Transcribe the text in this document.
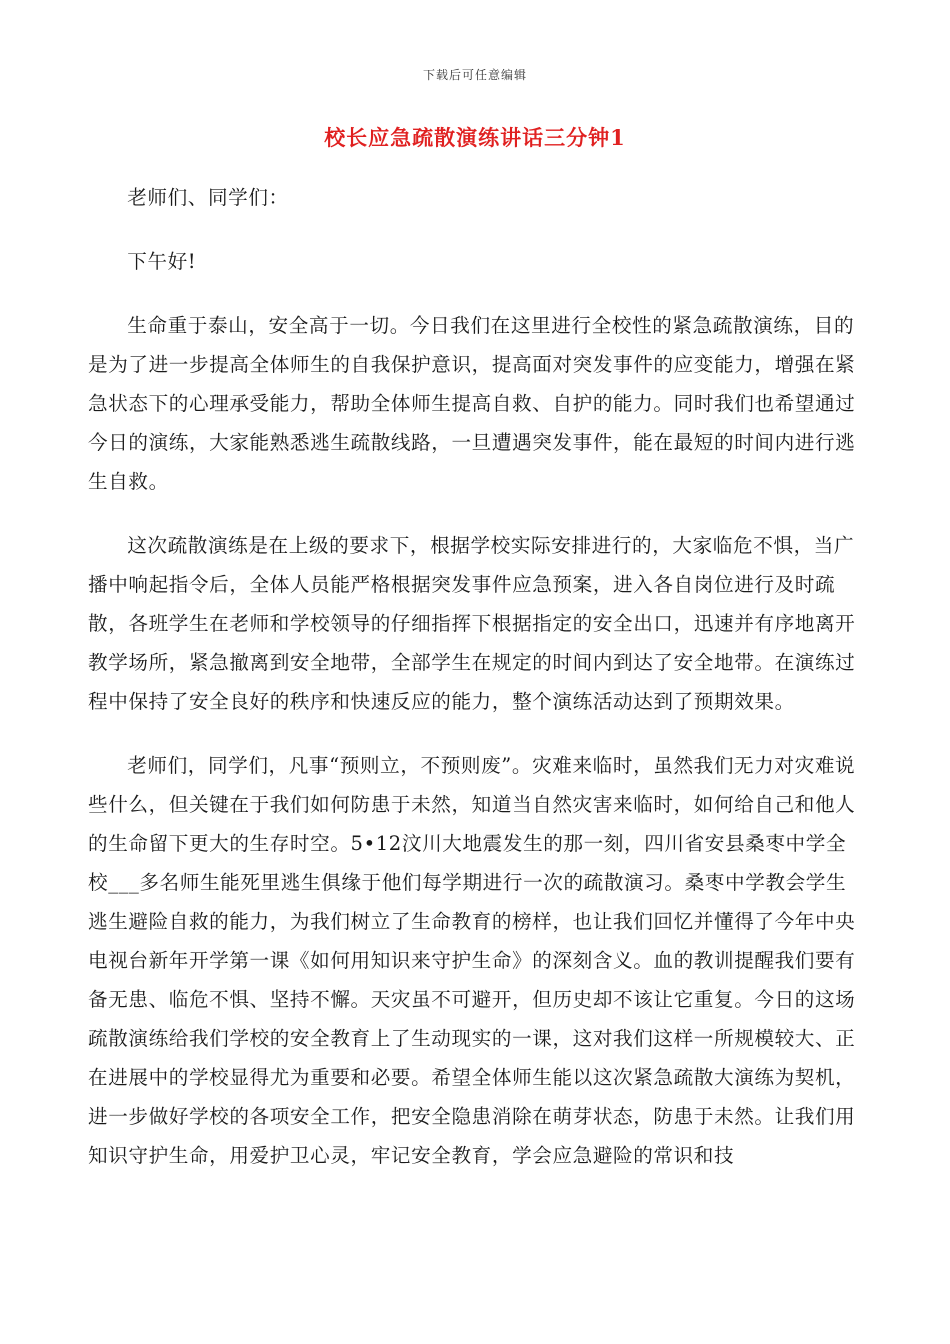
下载后可任意编辑
校长应急疏散演练讲话三分钟1

老师们、同学们：

下午好!

生命重于泰山，安全高于一切。今日我们在这里进行全校性的紧急疏散演练，目的是为了进一步提高全体师生的自我保护意识，提高面对突发事件的应变能力，增强在紧急状态下的心理承受能力，帮助全体师生提高自救、自护的能力。同时我们也希望通过今日的演练，大家能熟悉逃生疏散线路，一旦遭遇突发事件，能在最短的时间内进行逃生自救。

这次疏散演练是在上级的要求下，根据学校实际安排进行的，大家临危不惧，当广播中响起指令后，全体人员能严格根据突发事件应急预案，进入各自岗位进行及时疏散，各班学生在老师和学校领导的仔细指挥下根据指定的安全出口，迅速并有序地离开教学场所，紧急撤离到安全地带，全部学生在规定的时间内到达了安全地带。在演练过程中保持了安全良好的秩序和快速反应的能力，整个演练活动达到了预期效果。

老师们，同学们，凡事“预则立，不预则废”。灾难来临时，虽然我们无力对灾难说些什么，但关键在于我们如何防患于未然，知道当自然灾害来临时，如何给自己和他人的生命留下更大的生存时空。5•12汶川大地震发生的那一刻，四川省安县桑枣中学全校___多名师生能死里逃生俱缘于他们每学期进行一次的疏散演习。桑枣中学教会学生逃生避险自救的能力，为我们树立了生命教育的榜样，也让我们回忆并懂得了今年中央电视台新年开学第一课《如何用知识来守护生命》的深刻含义。血的教训提醒我们要有备无患、临危不惧、坚持不懈。天灾虽不可避开，但历史却不该让它重复。今日的这场疏散演练给我们学校的安全教育上了生动现实的一课，这对我们这样一所规模较大、正在进展中的学校显得尤为重要和必要。希望全体师生能以这次紧急疏散大演练为契机，进一步做好学校的各项安全工作，把安全隐患消除在萌芽状态，防患于未然。让我们用知识守护生命，用爱护卫心灵，牢记安全教育，学会应急避险的常识和技
